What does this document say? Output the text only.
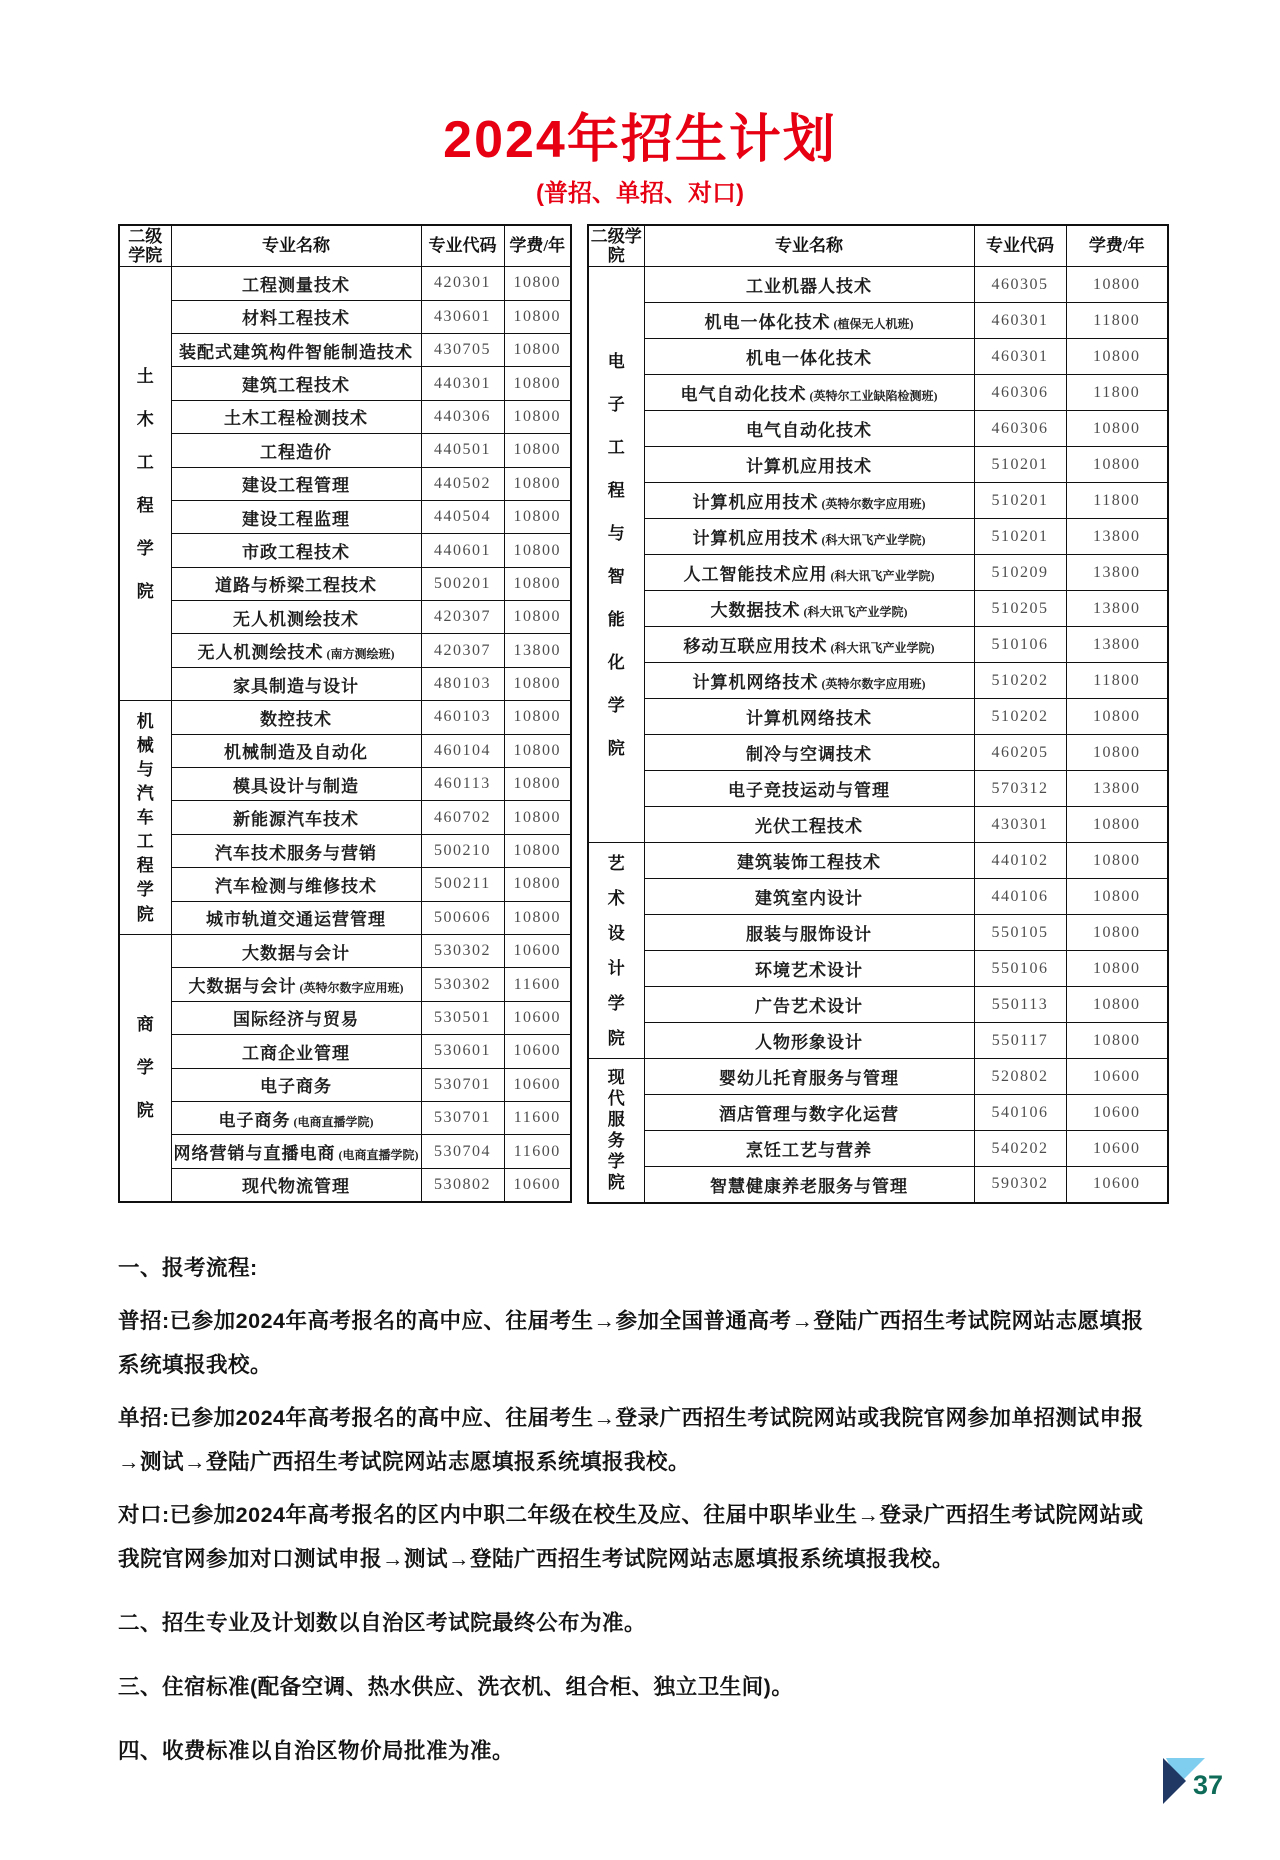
2024年招生计划
(普招、单招、对口)
二级学院	专业名称	专业代码	学费/年

土
木
工
程
学
院
	工程测量技术	420301	10800
	材料工程技术	430601	10800
	装配式建筑构件智能制造技术	430705	10800
	建筑工程技术	440301	10800
	土木工程检测技术	440306	10800
	工程造价	440501	10800
	建设工程管理	440502	10800
	建设工程监理	440504	10800
	市政工程技术	440601	10800
	道路与桥梁工程技术	500201	10800
	无人机测绘技术	420307	10800
	无人机测绘技术 (南方测绘班)	420307	13800
	家具制造与设计	480103	10800

机
械
与
汽
车
工
程
学
院
	数控技术	460103	10800
	机械制造及自动化	460104	10800
	模具设计与制造	460113	10800
	新能源汽车技术	460702	10800
	汽车技术服务与营销	500210	10800
	汽车检测与维修技术	500211	10800
	城市轨道交通运营管理	500606	10800

商
学
院	大数据与会计	530302	10600
	大数据与会计 (英特尔数字应用班)	530302	11600
	国际经济与贸易	530501	10600
	工商企业管理	530601	10600
	电子商务	530701	10600
	电子商务 (电商直播学院)	530701	11600
	网络营销与直播电商 (电商直播学院)	530704	11600
	现代物流管理	530802	10600
二级学院	专业名称	专业代码	学费/年

电
子
工
程
与
智
能
化
学
院
	工业机器人技术	460305	10800
	机电一体化技术 (植保无人机班)	460301	11800
	机电一体化技术	460301	10800
	电气自动化技术 (英特尔工业缺陷检测班)	460306	11800
	电气自动化技术	460306	10800
	计算机应用技术	510201	10800
	计算机应用技术 (英特尔数字应用班)	510201	11800
	计算机应用技术 (科大讯飞产业学院)	510201	13800
	人工智能技术应用 (科大讯飞产业学院)	510209	13800
	大数据技术 (科大讯飞产业学院)	510205	13800
	移动互联应用技术 (科大讯飞产业学院)	510106	13800
	计算机网络技术 (英特尔数字应用班)	510202	11800
	计算机网络技术	510202	10800
	制冷与空调技术	460205	10800
	电子竞技运动与管理	570312	13800
	光伏工程技术	430301	10800

艺
术
设
计
学
院
	建筑装饰工程技术	440102	10800
	建筑室内设计	440106	10800
	服装与服饰设计	550105	10800
	环境艺术设计	550106	10800
	广告艺术设计	550113	10800
	人物形象设计	550117	10800

现
代
服
务
学
院
	婴幼儿托育服务与管理	520802	10600
	酒店管理与数字化运营	540106	10600
	烹饪工艺与营养	540202	10600
	智慧健康养老服务与管理	590302	10600
一、报考流程:
普招:已参加2024年高考报名的高中应、往届考生→参加全国普通高考→登陆广西招生考试院网站志愿填报系统填报我校。
单招:已参加2024年高考报名的高中应、往届考生→登录广西招生考试院网站或我院官网参加单招测试申报→测试→登陆广西招生考试院网站志愿填报系统填报我校。
对口:已参加2024年高考报名的区内中职二年级在校生及应、往届中职毕业生→登录广西招生考试院网站或我院官网参加对口测试申报→测试→登陆广西招生考试院网站志愿填报系统填报我校。
二、招生专业及计划数以自治区考试院最终公布为准。
三、住宿标准(配备空调、热水供应、洗衣机、组合柜、独立卫生间)。
四、收费标准以自治区物价局批准为准。
37
